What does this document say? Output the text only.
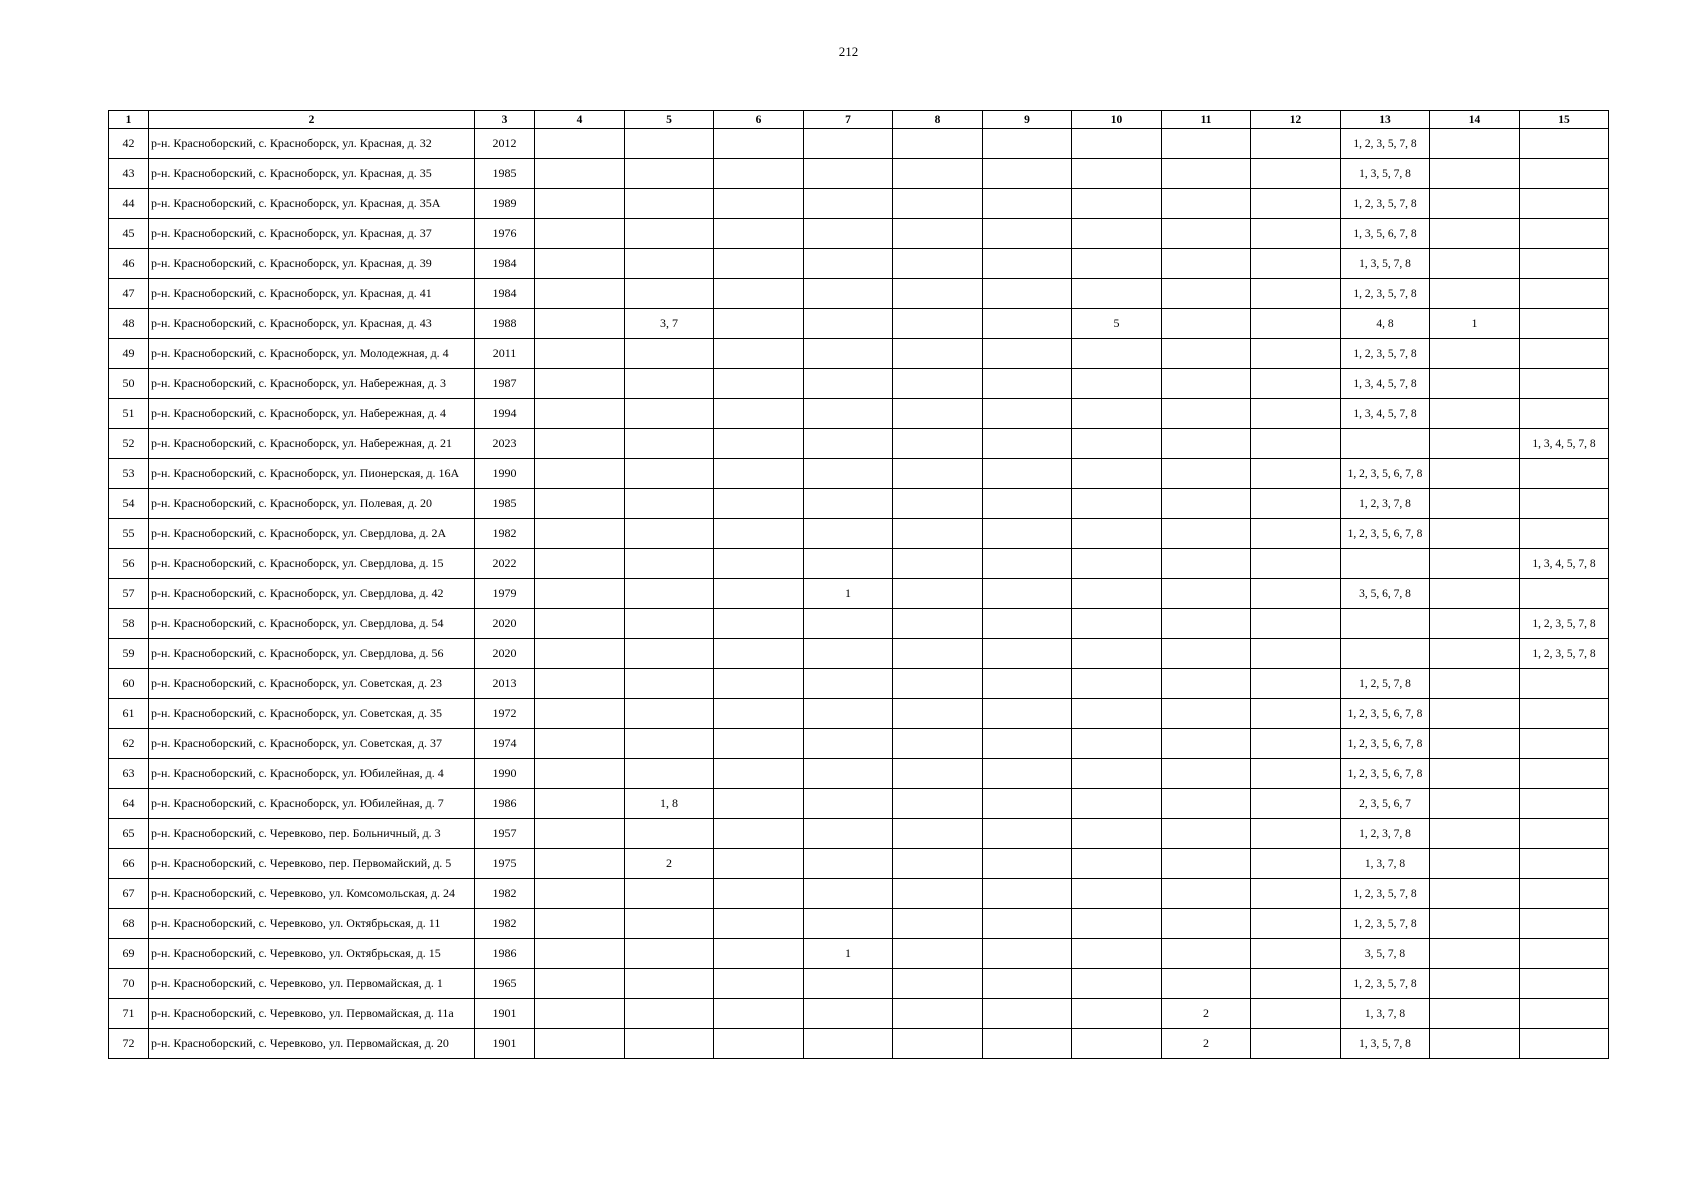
212
1	2	3	4	5	6	7	8	9	10	11	12	13	14	15
42	р-н. Красноборский, с. Красноборск, ул. Красная, д. 32	2012										1, 2, 3, 5, 7, 8		
43	р-н. Красноборский, с. Красноборск, ул. Красная, д. 35	1985										1, 3, 5, 7, 8		
44	р-н. Красноборский, с. Красноборск, ул. Красная, д. 35А	1989										1, 2, 3, 5, 7, 8		
45	р-н. Красноборский, с. Красноборск, ул. Красная, д. 37	1976										1, 3, 5, 6, 7, 8		
46	р-н. Красноборский, с. Красноборск, ул. Красная, д. 39	1984										1, 3, 5, 7, 8		
47	р-н. Красноборский, с. Красноборск, ул. Красная, д. 41	1984										1, 2, 3, 5, 7, 8		
48	р-н. Красноборский, с. Красноборск, ул. Красная, д. 43	1988		3, 7					5			4, 8	1	
49	р-н. Красноборский, с. Красноборск, ул. Молодежная, д. 4	2011										1, 2, 3, 5, 7, 8		
50	р-н. Красноборский, с. Красноборск, ул. Набережная, д. 3	1987										1, 3, 4, 5, 7, 8		
51	р-н. Красноборский, с. Красноборск, ул. Набережная, д. 4	1994										1, 3, 4, 5, 7, 8		
52	р-н. Красноборский, с. Красноборск, ул. Набережная, д. 21	2023												1, 3, 4, 5, 7, 8
53	р-н. Красноборский, с. Красноборск, ул. Пионерская, д. 16А	1990										1, 2, 3, 5, 6, 7, 8		
54	р-н. Красноборский, с. Красноборск, ул. Полевая, д. 20	1985										1, 2, 3, 7, 8		
55	р-н. Красноборский, с. Красноборск, ул. Свердлова, д. 2А	1982										1, 2, 3, 5, 6, 7, 8		
56	р-н. Красноборский, с. Красноборск, ул. Свердлова, д. 15	2022												1, 3, 4, 5, 7, 8
57	р-н. Красноборский, с. Красноборск, ул. Свердлова, д. 42	1979				1						3, 5, 6, 7, 8		
58	р-н. Красноборский, с. Красноборск, ул. Свердлова, д. 54	2020												1, 2, 3, 5, 7, 8
59	р-н. Красноборский, с. Красноборск, ул. Свердлова, д. 56	2020												1, 2, 3, 5, 7, 8
60	р-н. Красноборский, с. Красноборск, ул. Советская, д. 23	2013										1, 2, 5, 7, 8		
61	р-н. Красноборский, с. Красноборск, ул. Советская, д. 35	1972										1, 2, 3, 5, 6, 7, 8		
62	р-н. Красноборский, с. Красноборск, ул. Советская, д. 37	1974										1, 2, 3, 5, 6, 7, 8		
63	р-н. Красноборский, с. Красноборск, ул. Юбилейная, д. 4	1990										1, 2, 3, 5, 6, 7, 8		
64	р-н. Красноборский, с. Красноборск, ул. Юбилейная, д. 7	1986		1, 8								2, 3, 5, 6, 7		
65	р-н. Красноборский, с. Черевково, пер. Больничный, д. 3	1957										1, 2, 3, 7, 8		
66	р-н. Красноборский, с. Черевково, пер. Первомайский, д. 5	1975		2								1, 3, 7, 8		
67	р-н. Красноборский, с. Черевково, ул. Комсомольская, д. 24	1982										1, 2, 3, 5, 7, 8		
68	р-н. Красноборский, с. Черевково, ул. Октябрьская, д. 11	1982										1, 2, 3, 5, 7, 8		
69	р-н. Красноборский, с. Черевково, ул. Октябрьская, д. 15	1986				1						3, 5, 7, 8		
70	р-н. Красноборский, с. Черевково, ул. Первомайская, д. 1	1965										1, 2, 3, 5, 7, 8		
71	р-н. Красноборский, с. Черевково, ул. Первомайская, д. 11а	1901								2		1, 3, 7, 8		
72	р-н. Красноборский, с. Черевково, ул. Первомайская, д. 20	1901								2		1, 3, 5, 7, 8		
